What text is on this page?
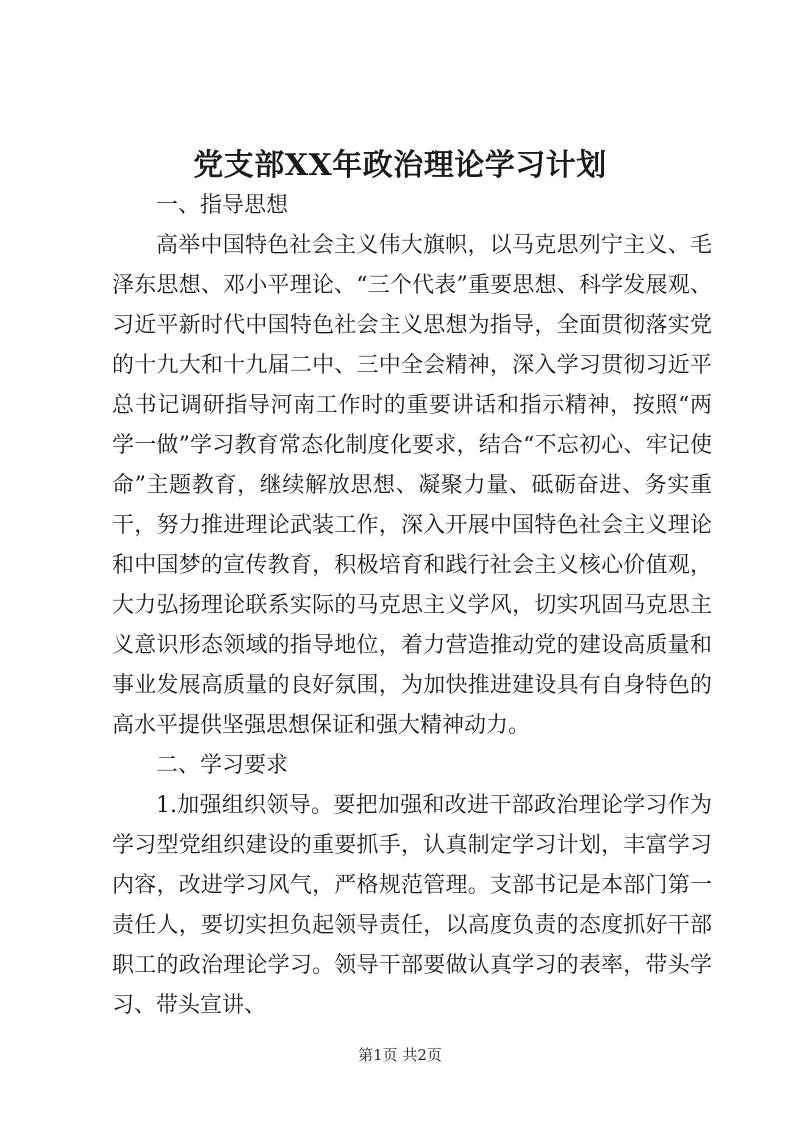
党支部XX年政治理论学习计划

一、指导思想

高举中国特色社会主义伟大旗帜，以马克思列宁主义、毛泽东思想、邓小平理论、“三个代表”重要思想、科学发展观、习近平新时代中国特色社会主义思想为指导，全面贯彻落实党的十九大和十九届二中、三中全会精神，深入学习贯彻习近平总书记调研指导河南工作时的重要讲话和指示精神，按照“两学一做”学习教育常态化制度化要求，结合“不忘初心、牢记使命”主题教育，继续解放思想、凝聚力量、砥砺奋进、务实重干，努力推进理论武装工作，深入开展中国特色社会主义理论和中国梦的宣传教育，积极培育和践行社会主义核心价值观，大力弘扬理论联系实际的马克思主义学风，切实巩固马克思主义意识形态领域的指导地位，着力营造推动党的建设高质量和事业发展高质量的良好氛围，为加快推进建设具有自身特色的高水平提供坚强思想保证和强大精神动力。

二、学习要求

1.加强组织领导。要把加强和改进干部政治理论学习作为学习型党组织建设的重要抓手，认真制定学习计划，丰富学习内容，改进学习风气，严格规范管理。支部书记是本部门第一责任人，要切实担负起领导责任，以高度负责的态度抓好干部职工的政治理论学习。领导干部要做认真学习的表率，带头学习、带头宣讲、

第1页 共2页
